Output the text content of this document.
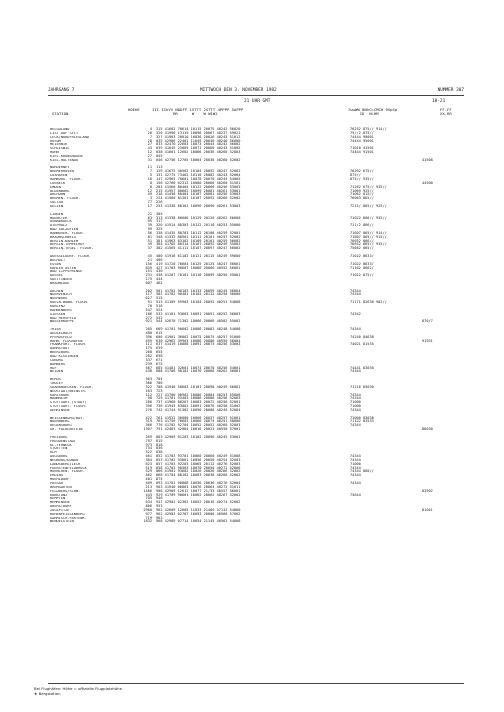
JAHRGANG 7	MITTWOCH DEN 3. NOVEMBER 1982	NUMMER 307
21 UHR GMT	18-21
STATION
HOEHE	III IIhVV NDDFF 1STTT 2STTT 4PPPP 5APPP
RR      W    W W1W2
7wwWW 8NhCLCMCH 9SpSp
ID  HLHM
FF-FF
XX-RR
HELGOLAND	4 315 41602 70614 10115 20075 40242 56020	76252 875// 914//
LIST AUF SYLT	26 320 41990 13115 10096 20067 40237 59022	75//2 875//
LECK/NORDFRIESLAND	7 327 41903 20010 10036 20026 40245 51012	74444 90001
HUSUM	28 035 42906 22401 11049 20040 40246 56000	74444 95001
MEIERWIK	27 033 42470 22603 10073 20044 40242 56002
SCHLESWIG	43 039 41645 23005 10071 20060 40243 51002	71010 41501
HOHN	12 038 41601 12602 10066 20036 40260 52003	74444 91501
KIEL-KRONSHAGEN	27 045
KIEL-HOLTENAU	31 046 42756 12705 10064 20036 40260 52002	41508
NORDERNEY	11 113
BREMERHAVEN	7 129 41675 40502 10104 20092 40247 52002	76262 675//
CUXHAVEN	5 131 42775 73402 10110 20082 40243 52004	875//
HAMBURG. FLUGH.	16 147 42965 70601 10078 20070 40245 54005	875// 935//
LUEBECK	8 156 42760 62312 10080 20066 40260 51501	44500
EMDEN	8 203 41560 80404 10122 20066 40256 53003	71262 675// 935//
OLDENBURG	12 215 41957 80602 10099 20081 40261 53001	71069 925//
AHLHORN	49 218 41458 80404 10107 20081 40256 53003	71062 815//
BREMEN. FLUGH.	3 224 41560 81301 10107 20092 40266 52002	76063 865//
SOLTAU	77 226
UELZEN	17 253 41338 80101 10096 20090 40261 53003	7211/ 865// 925//
LINGEN	21 305
MUENSTER	63 313 41338 80606 10129 20120 40262 56000	71022 866// 935//
OSNABRUECK	95 317
DIEPHOLZ	39 320 41914 80303 10122 20110 40253 55000	711/2 866//
BAD SALZUFLEN	99 325
HANNOVER. FLUGH.	56 338 41435 80703 10112 20108 40259 52001	71607 865// 914//
BRAUNSCHWEIG	81 348 41332 80501 10111 20101 40257 52002	71807 865// 915//
BERLIN-DAHLEM	51 381 41963 83102 10109 20101 40259 56002	76652 866//
BERLIN-TEMPELHOF	49 384 41765 80314 10107 20092 40249 55002	76652 865// 935//
BERLIN-TEGEL. FLUGH.	37 382 41565 41111 10107 20097 40247 56002	75662 865//
DUESSELDORF. FLUGH.	45 400 41916 61102 10121 20115 40249 59000	71022 8633/
BOCHOLT	21 406
ESSEN	156 419 41720 70604 10125 20125 40247 56001	71022 8633/
KAHLER ASTEN	839 427 41703 90607 10066 20066 40552 56001	71162 8662/
BAD LIPPSPRINGE	151 430
KASSEL	231 438 41207 70101 10116 20099 40250 55001	71022 875//
GOETTINGEN	175 444
BRAUNLAGE	607 462
AACHEN	202 501 41702 90103 10133 20099 40245 56004	74344
NOERVENICH	117 502 41702 90401 10102 20112 40258 56000	74344
NUERBURG	627 515
KOELN-BONN. FLUGH.	91 513 41109 59903 10104 20092 40251 54008	71171 82638 902//
KOBLENZ	70 516
HAHNENBERG	547 524
GIESSEN	186 532 41101 93603 10091 20091 40252 56003	74342
BAD HERSFELD	272 542
WASSERKUPPE	921 544 42670 71302 10066 20066 40582 55002	870/7
TRIER	265 609 41701 90602 10086 20082 40248 54008	74344
DEUSELBACH	480 615
PFERDSFELD	396 606 41901 36002 10075 20075 40257 51000	74240 84638
HAHN, FLUGHAFEN	495 630 42962 39903 10086 20086 40550 56004	91931
FRANKFURT. FLUGH.	111 637 41419 10008 10091 20073 40256 53003	74021 81535
DARMSTADT	175 639
WUERZBURG	268 655
BAD KISSINGEN	282 658
COBURG	337 671
BAMBERG	239 675
HOF	567 685 41401 32601 10074 20070 40256 54001	74441 83030
WEIDEN	438 688 41706 90102 10070 20066 40262 56001	74344
BERUS	363 704
THOLEY	386 706
SAARBRUECKEN. FLUGH.	322 708 41940 50603 10101 20098 40249 56001	71116 85030
NEUSTADT/WEINSTR.	163 723
KARLSRUHE	112 727 41700 90902 10086 20084 40253 55008	74344
MANNHEIM	98 729 41701 93403 10086 20088 40256 52003	74344
STUTTGART (STADT)	286 737 41960 80207 10083 20072 40256 52001	71000
STUTTGART. FLUGH.	396 738 41945 83002 10091 20076 40258 51002	71000
OEHRINGEN	276 742 41744 91302 10096 20088 40249 52004	74344
WEISSENBURG/BAY.	422 761 41922 30000 10066 20037 40257 51001	71000 83038
NUERNBERG	319 763 41756 70603 10066 20074 40251 58000	71122 83533
REGENSBURG	366 776 41702 92704 10052 20052 40260 52003	74344
GR. FALKENSTEIN	1307 791 42463 42004 10016 20023 40558 57001	86030
FREIBURG	269 803 42909 01203 10102 20096 40245 53001
FREUDENSTADT	797 815
KL.FEHNECK	973 818
STOETTEN	734 836
ULM	522 838
AUGSBURG	461 852 41703 93701 10060 20060 40249 51008	74344
NEUBURG/DONAU	384 853 41702 93801 10056 20050 40254 52003	74344
LANDSBERG/LECH	623 857 41703 92203 10065 20112 40276 52003	71000
FUERSTENFELDBRUCK	519 858 41703 90503 10070 20050 40272 52006	74344
MUENCHEN. FLUGH.	529 866 41901 93602 10026 20026 40266 52002	74344 880//
ERDING	462 868 41704 80102 10063 20038 40268 52002	74344
MUEHLDORF	401 875
PASSAU	409 893 41701 90008 10036 20036 40276 52004	74344
BREMGARTEN	213 903 41940 00003 10076 20064 40272 51011
FELDBERG/SCHW.	1486 908 42909 12612 10077 21/33 40557 56001	83502
KONSTANZ	443 929 41709 90601 10062 20062 40267 52002	75644
KEMPTEN	705 946
MEMMINGEN	634 947 42902 02302 10052 20016 40274 52002
OBERSTDORF	806 953
ZUGSPITZE	2960 962 42609 12605 11033 21460 47132 54000	81041
HOHENPEISSENBERG	977 962 42902 02707 10093 20006 40566 57002
GARMISCH-PARTENK.	719 963
WENDELSTEIN	1832 968 42909 07714 10054 21145 40562 54008
Bei Flughäfen: Höhe = offizielle Flugplatzhöhe
★ Bergstation
